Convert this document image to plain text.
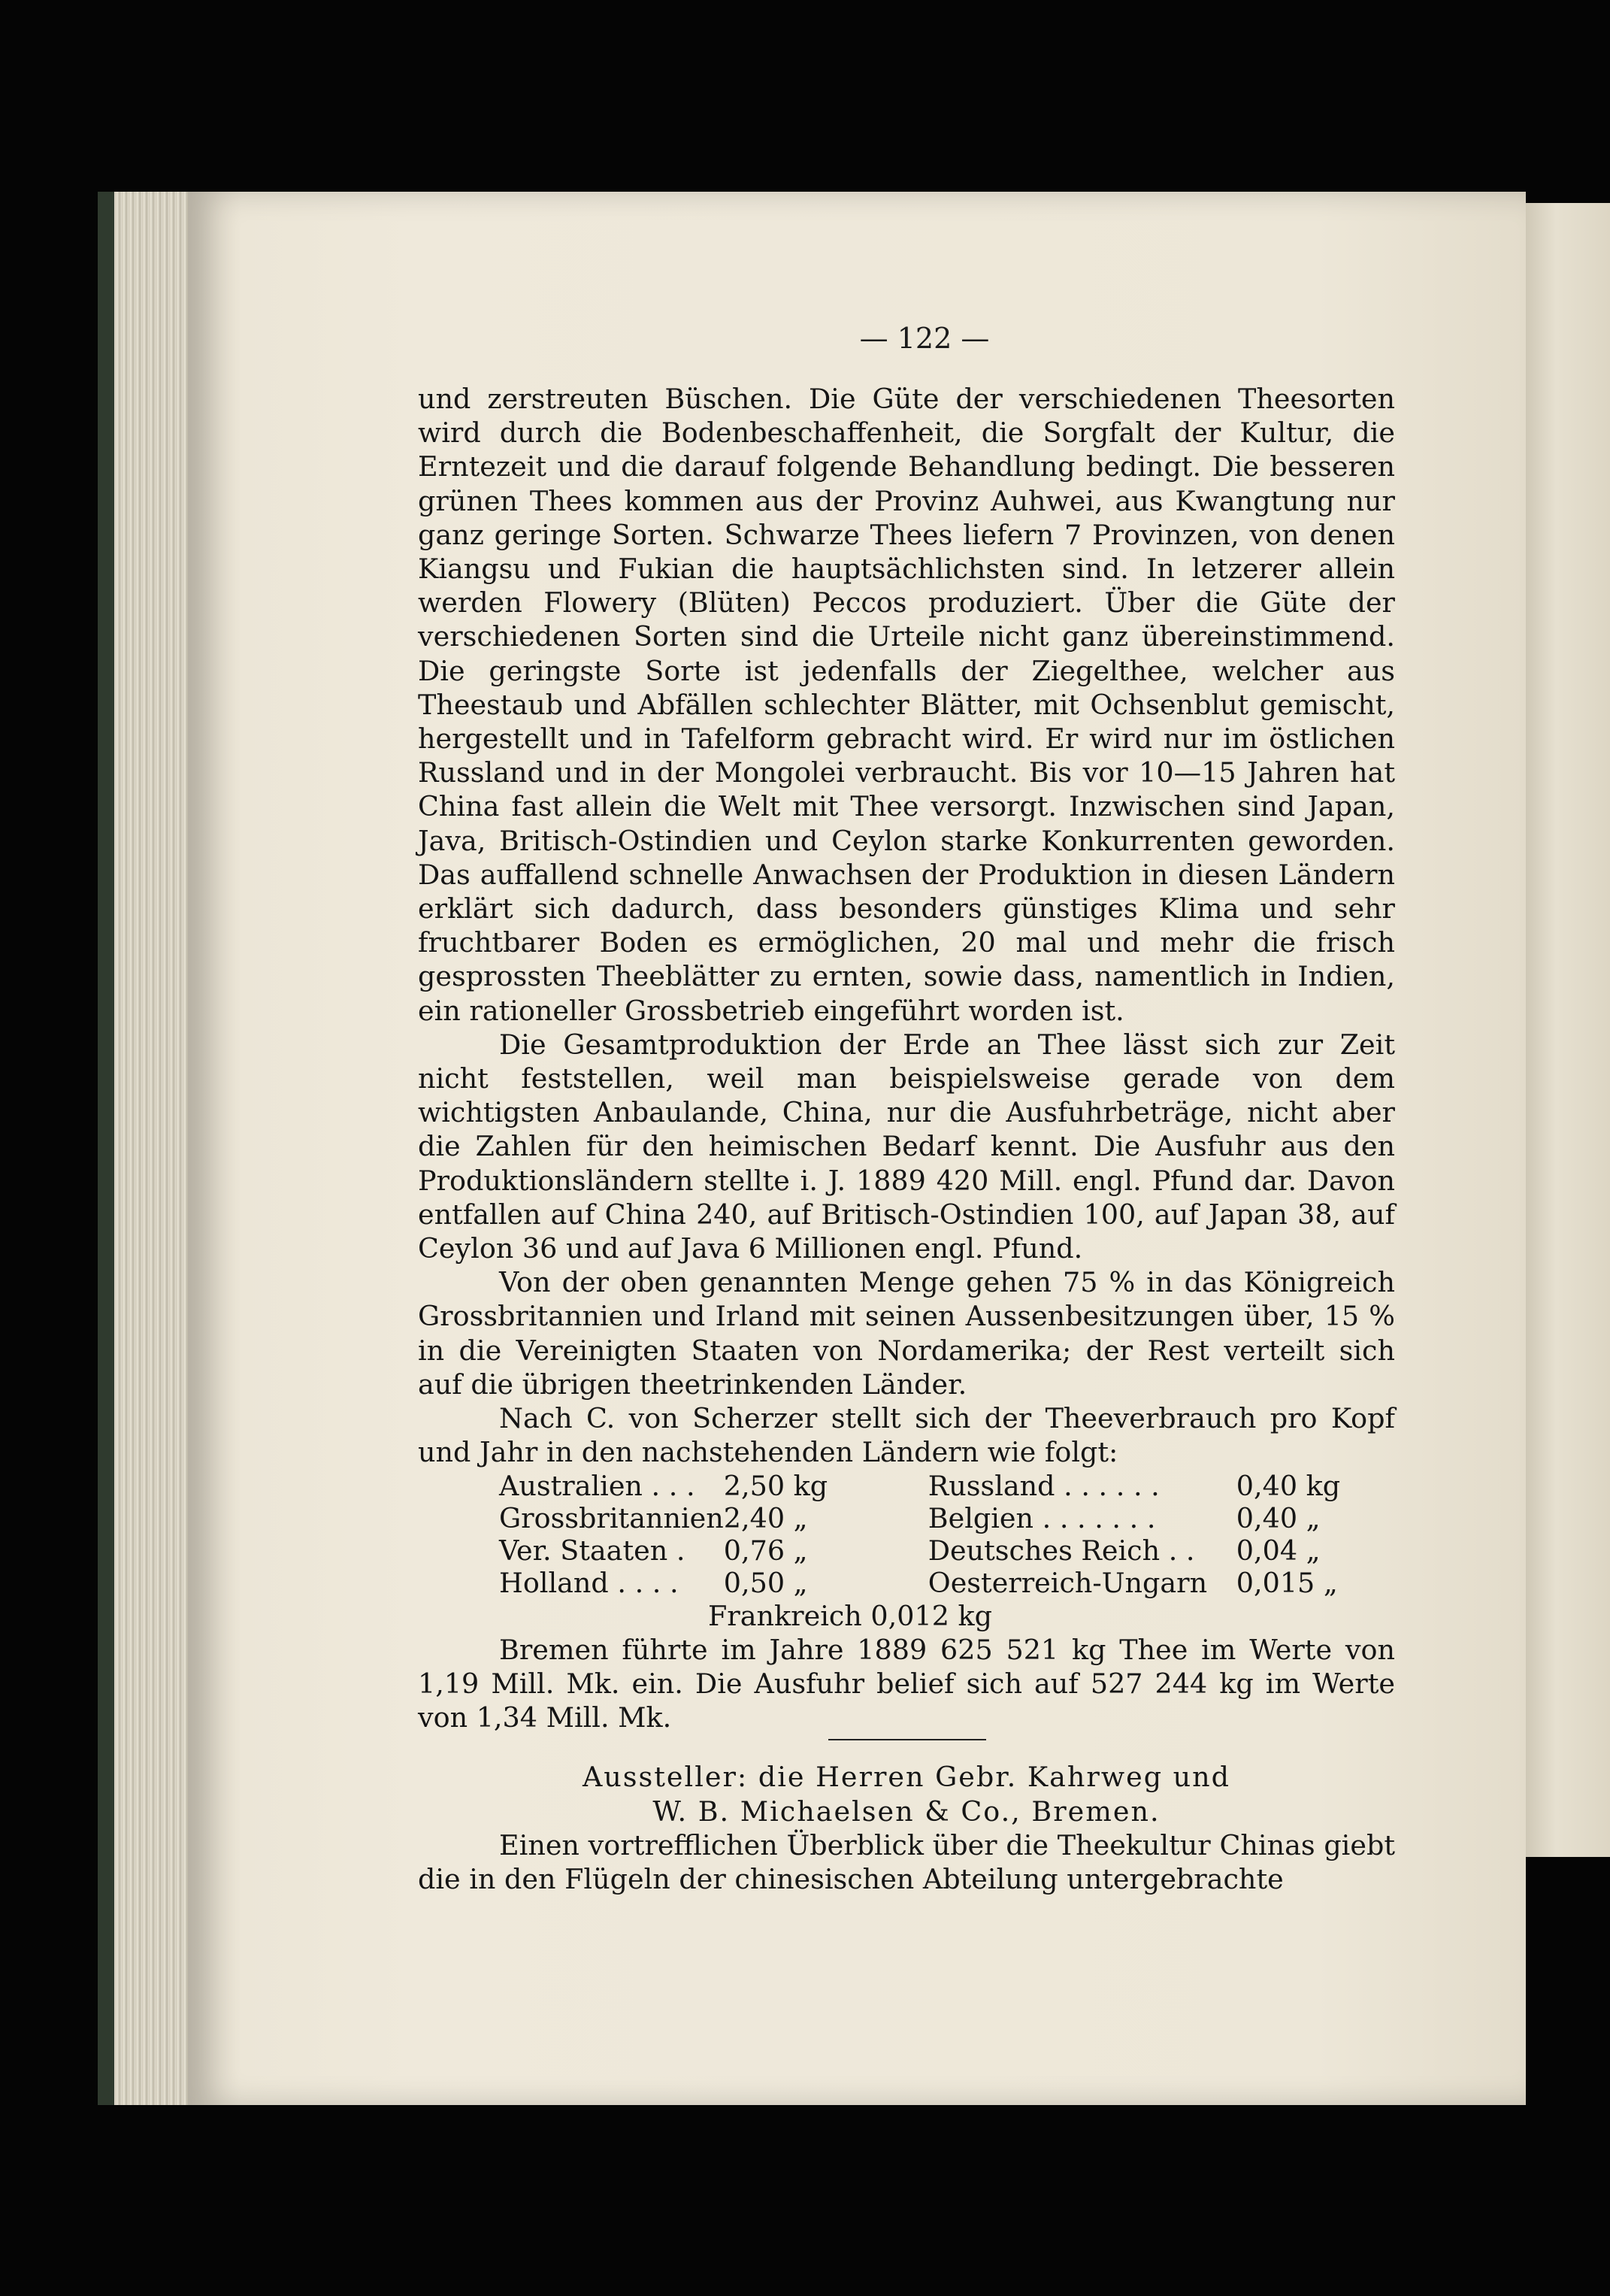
— 122 —

und zerstreuten Büschen. Die Güte der verschiedenen Theesorten wird durch die Bodenbeschaffenheit, die Sorgfalt der Kultur, die Erntezeit und die darauf folgende Behandlung bedingt. Die besseren grünen Thees kommen aus der Provinz Auhwei, aus Kwangtung nur ganz geringe Sorten. Schwarze Thees liefern 7 Provinzen, von denen Kiangsu und Fukian die hauptsächlichsten sind. In letzerer allein werden Flowery (Blüten) Peccos produziert. Über die Güte der verschiedenen Sorten sind die Urteile nicht ganz übereinstimmend. Die geringste Sorte ist jedenfalls der Ziegelthee, welcher aus Theestaub und Abfällen schlechter Blätter, mit Ochsenblut gemischt, hergestellt und in Tafelform gebracht wird. Er wird nur im östlichen Russland und in der Mongolei verbraucht. Bis vor 10—15 Jahren hat China fast allein die Welt mit Thee versorgt. Inzwischen sind Japan, Java, Britisch-Ostindien und Ceylon starke Konkurrenten geworden. Das auffallend schnelle Anwachsen der Produktion in diesen Ländern erklärt sich dadurch, dass besonders günstiges Klima und sehr fruchtbarer Boden es ermöglichen, 20 mal und mehr die frisch gesprossten Theeblätter zu ernten, sowie dass, namentlich in Indien, ein rationeller Grossbetrieb eingeführt worden ist.

Die Gesamtproduktion der Erde an Thee lässt sich zur Zeit nicht feststellen, weil man beispielsweise gerade von dem wichtigsten Anbaulande, China, nur die Ausfuhrbeträge, nicht aber die Zahlen für den heimischen Bedarf kennt. Die Ausfuhr aus den Produktionsländern stellte i. J. 1889 420 Mill. engl. Pfund dar. Davon entfallen auf China 240, auf Britisch-Ostindien 100, auf Japan 38, auf Ceylon 36 und auf Java 6 Millionen engl. Pfund.

Von der oben genannten Menge gehen 75 % in das Königreich Grossbritannien und Irland mit seinen Aussenbesitzungen über, 15 % in die Vereinigten Staaten von Nordamerika; der Rest verteilt sich auf die übrigen theetrinkenden Länder.

Nach C. von Scherzer stellt sich der Theeverbrauch pro Kopf und Jahr in den nachstehenden Ländern wie folgt:

Australien . . .	2,50 kg	Russland . . . . . .	0,40 kg
Grossbritannien	2,40 „	Belgien . . . . . . .	0,40 „
Ver. Staaten .	0,76 „	Deutsches Reich . .	0,04 „
Holland . . . .	0,50 „	Oesterreich-Ungarn	0,015 „
Frankreich 0,012 kg

Bremen führte im Jahre 1889 625 521 kg Thee im Werte von 1,19 Mill. Mk. ein. Die Ausfuhr belief sich auf 527 244 kg im Werte von 1,34 Mill. Mk.

Aussteller: die Herren Gebr. Kahrweg und
W. B. Michaelsen & Co., Bremen.

Einen vortrefflichen Überblick über die Theekultur Chinas giebt die in den Flügeln der chinesischen Abteilung untergebrachte
